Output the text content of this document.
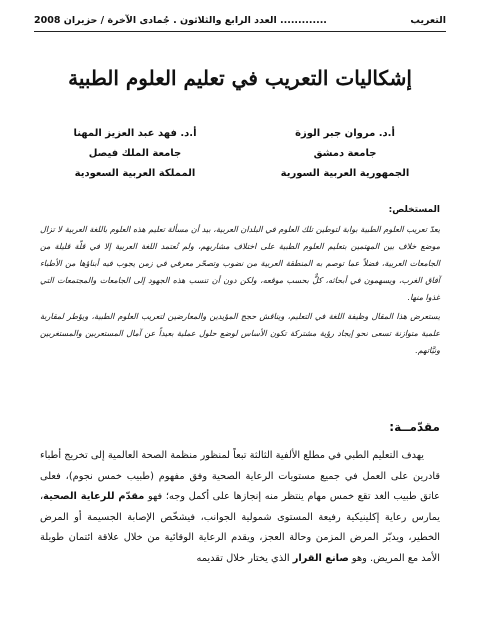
التعريب
............. العدد الرابع والثلاثون . جُمادى الآخرة / حزيران 2008
إشكاليات التعريب في تعليم العلوم الطبية
أ.د. مروان جبر الوزة
جامعة دمشق
الجمهورية العربية السورية
أ.د. فهد عبد العزيز المهنا
جامعة الملك فيصل
المملكة العربية السعودية
المستخلص:

يعدّ تعريب العلوم الطبية بوابة لتوطين تلك العلوم في البلدان العربية، بيد أن مسألة تعليم هذه العلوم باللغة العربية لا تزال موضع خلاف بين المهتمين بتعليم العلوم الطبية على اختلاف مشاربهم، ولم تُعتمد اللغة العربية إلا في قلّة قليلة من الجامعات العربية، فضلاً عما توصم به المنطقة العربية من نضوب وتصحّر معرفي في زمن يجوب فيه أبناؤها من الأطباء آفاق الغرب، ويسهمون في أبحاثه، كلٌّ بحسب موقعه، ولكن دون أن تنسب هذه الجهود إلى الجامعات والمجتمعات التي غذوا منها.

يستعرض هذا المقال وظيفة اللغة في التعليم، ويناقش حجج المؤيدين والمعارضين لتعريب العلوم الطبية، ويؤطر لمقاربة علمية متوازنة تسعى نحو إيجاد رؤية مشتركة تكون الأساس لوضع حلول عملية بعيداً عن آمال المستعربين والمستغربين ونيَّاتهم.

مقدّمــة:

يهدف التعليم الطبي في مطلع الألفية الثالثة تبعاً لمنظور منظمة الصحة العالمية إلى تخريج أطباء قادرين على العمل في جميع مستويات الرعاية الصحية وفق مفهوم (طبيب خمس نجوم)، فعلى عاتق طبيب الغد تقع خمس مهام ينتظر منه إنجازها على أكمل وجه؛ فهو مقدّم للرعاية الصحية، يمارس رعاية إكلينيكية رفيعة المستوى شمولية الجوانب، فيشخّص الإصابة الجسيمة أو المرض الخطير، ويدبّر المرض المزمن وحالة العجز، ويقدم الرعاية الوقائية من خلال علاقة ائتمان طويلة الأمد مع المريض. وهو صانع القرار الذي يختار خلال تقديمه
